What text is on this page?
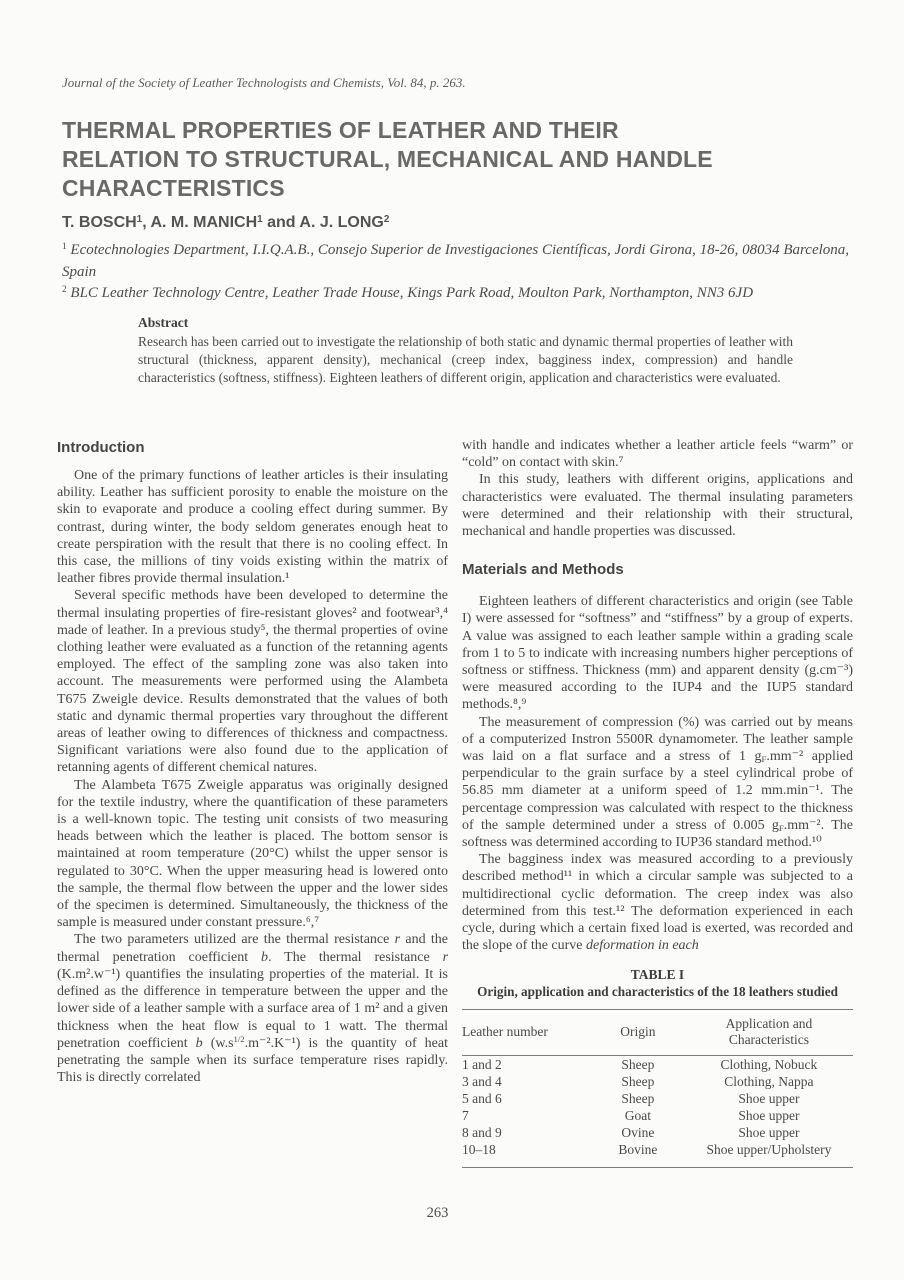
Journal of the Society of Leather Technologists and Chemists, Vol. 84, p. 263.
THERMAL PROPERTIES OF LEATHER AND THEIR
RELATION TO STRUCTURAL, MECHANICAL AND HANDLE
CHARACTERISTICS
T. BOSCH$^1$, A. M. MANICH$^1$ and A. J. LONG$^2$
$^1$ Ecotechnologies Department, I.I.Q.A.B., Consejo Superior de Investigaciones Científicas, Jordi Girona, 18-26, 08034 Barcelona, Spain
$^2$ BLC Leather Technology Centre, Leather Trade House, Kings Park Road, Moulton Park, Northampton, NN3 6JD
Abstract
Research has been carried out to investigate the relationship of both static and dynamic thermal properties of leather with structural (thickness, apparent density), mechanical (creep index, bagginess index, compression) and handle characteristics (softness, stiffness). Eighteen leathers of different origin, application and characteristics were evaluated.
Introduction

One of the primary functions of leather articles is their insulating ability. Leather has sufficient porosity to enable the moisture on the skin to evaporate and produce a cooling effect during summer. By contrast, during winter, the body seldom generates enough heat to create perspiration with the result that there is no cooling effect. In this case, the millions of tiny voids existing within the matrix of leather fibres provide thermal insulation.¹

Several specific methods have been developed to determine the thermal insulating properties of fire-resistant gloves² and footwear³,⁴ made of leather. In a previous study⁵, the thermal properties of ovine clothing leather were evaluated as a function of the retanning agents employed. The effect of the sampling zone was also taken into account. The measurements were performed using the Alambeta T675 Zweigle device. Results demonstrated that the values of both static and dynamic thermal properties vary throughout the different areas of leather owing to differences of thickness and compactness. Significant variations were also found due to the application of retanning agents of different chemical natures.

The Alambeta T675 Zweigle apparatus was originally designed for the textile industry, where the quantification of these parameters is a well-known topic. The testing unit consists of two measuring heads between which the leather is placed. The bottom sensor is maintained at room temperature (20°C) whilst the upper sensor is regulated to 30°C. When the upper measuring head is lowered onto the sample, the thermal flow between the upper and the lower sides of the specimen is determined. Simultaneously, the thickness of the sample is measured under constant pressure.⁶,⁷

The two parameters utilized are the thermal resistance r and the thermal penetration coefficient b. The thermal resistance r (K.m².w⁻¹) quantifies the insulating properties of the material. It is defined as the difference in temperature between the upper and the lower side of a leather sample with a surface area of 1 m² and a given thickness when the heat flow is equal to 1 watt. The thermal penetration coefficient b $(w.s^{1/2}.m^{-2}.K^{-1})$ is the quantity of heat penetrating the sample when its surface temperature rises rapidly. This is directly correlated

with handle and indicates whether a leather article feels “warm” or “cold” on contact with skin.⁷

In this study, leathers with different origins, applications and characteristics were evaluated. The thermal insulating parameters were determined and their relationship with their structural, mechanical and handle properties was discussed.

Materials and Methods

Eighteen leathers of different characteristics and origin (see Table I) were assessed for “softness” and “stiffness” by a group of experts. A value was assigned to each leather sample within a grading scale from 1 to 5 to indicate with increasing numbers higher perceptions of softness or stiffness. Thickness (mm) and apparent density (g.cm⁻³) were measured according to the IUP4 and the IUP5 standard methods.⁸,⁹

The measurement of compression (%) was carried out by means of a computerized Instron 5500R dynamometer. The leather sample was laid on a flat surface and a stress of 1 $g_F.mm^{-2}$ applied perpendicular to the grain surface by a steel cylindrical probe of 56.85 mm diameter at a uniform speed of 1.2 mm.min⁻¹. The percentage compression was calculated with respect to the thickness of the sample determined under a stress of 0.005 $g_F.mm^{-2}$. The softness was determined according to IUP36 standard method.¹⁰

The bagginess index was measured according to a previously described method¹¹ in which a circular sample was subjected to a multidirectional cyclic deformation. The creep index was also determined from this test.¹² The deformation experienced in each cycle, during which a certain fixed load is exerted, was recorded and the slope of the curve deformation in each

TABLE I
Origin, application and characteristics of the 18 leathers studied
Leather number	Origin	Application and Characteristics
1 and 2	Sheep	Clothing, Nobuck
3 and 4	Sheep	Clothing, Nappa
5 and 6	Sheep	Shoe upper
7	Goat	Shoe upper
8 and 9	Ovine	Shoe upper
10–18	Bovine	Shoe upper/Upholstery
263
